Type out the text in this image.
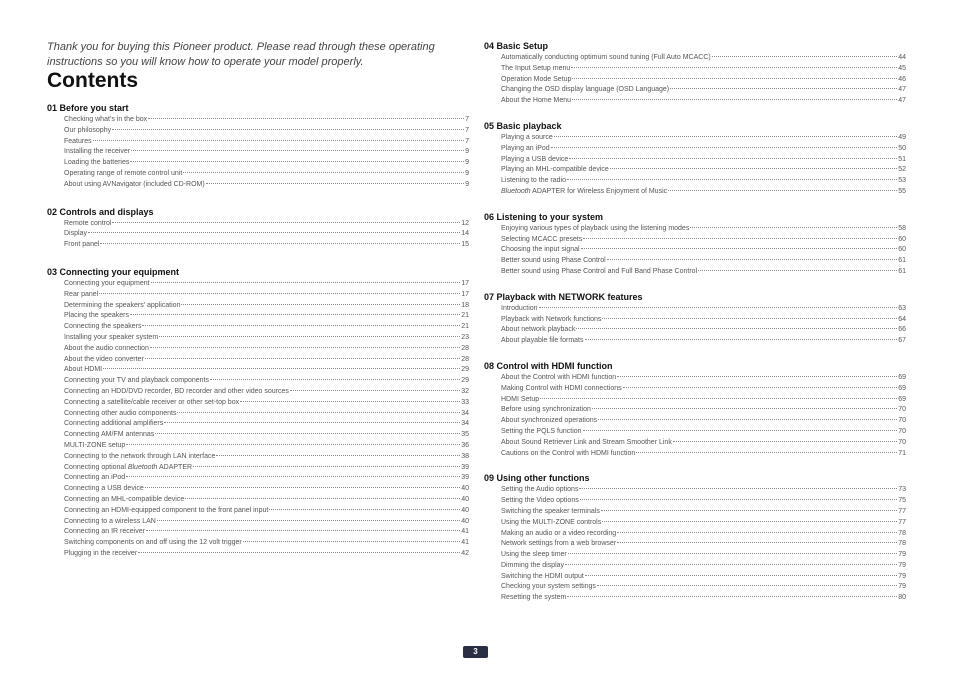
Thank you for buying this Pioneer product. Please read through these operating instructions so you will know how to operate your model properly.
Contents
01 Before you start
Checking what’s in the box	7
Our philosophy	7
Features	7
Installing the receiver	9
Loading the batteries	9
Operating range of remote control unit	9
About using AVNavigator (included CD-ROM)	9
02 Controls and displays
Remote control	12
Display	14
Front panel	15
03 Connecting your equipment
Connecting your equipment	17
Rear panel	17
Determining the speakers’ application	18
Placing the speakers	21
Connecting the speakers	21
Installing your speaker system	23
About the audio connection	28
About the video converter	28
About HDMI	29
Connecting your TV and playback components	29
Connecting an HDD/DVD recorder, BD recorder and other video sources	32
Connecting a satellite/cable receiver or other set-top box	33
Connecting other audio components	34
Connecting additional amplifiers	34
Connecting AM/FM antennas	35
MULTI-ZONE setup	36
Connecting to the network through LAN interface	38
Connecting optional Bluetooth ADAPTER	39
Connecting an iPod	39
Connecting a USB device	40
Connecting an MHL-compatible device	40
Connecting an HDMI-equipped component to the front panel input	40
Connecting to a wireless LAN	40
Connecting an IR receiver	41
Switching components on and off using the 12 volt trigger	41
Plugging in the receiver	42
04 Basic Setup
Automatically conducting optimum sound tuning (Full Auto MCACC)	44
The Input Setup menu	45
Operation Mode Setup	46
Changing the OSD display language (OSD Language)	47
About the Home Menu	47
05 Basic playback
Playing a source	49
Playing an iPod	50
Playing a USB device	51
Playing an MHL-compatible device	52
Listening to the radio	53
Bluetooth ADAPTER for Wireless Enjoyment of Music	55
06 Listening to your system
Enjoying various types of playback using the listening modes	58
Selecting MCACC presets	60
Choosing the input signal	60
Better sound using Phase Control	61
Better sound using Phase Control and Full Band Phase Control	61
07 Playback with NETWORK features
Introduction	63
Playback with Network functions	64
About network playback	66
About playable file formats	67
08 Control with HDMI function
About the Control with HDMI function	69
Making Control with HDMI connections	69
HDMI Setup	69
Before using synchronization	70
About synchronized operations	70
Setting the PQLS function	70
About Sound Retriever Link and Stream Smoother Link	70
Cautions on the Control with HDMI function	71
09 Using other functions
Setting the Audio options	73
Setting the Video options	75
Switching the speaker terminals	77
Using the MULTI-ZONE controls	77
Making an audio or a video recording	78
Network settings from a web browser	78
Using the sleep timer	79
Dimming the display	79
Switching the HDMI output	79
Checking your system settings	79
Resetting the system	80
3
